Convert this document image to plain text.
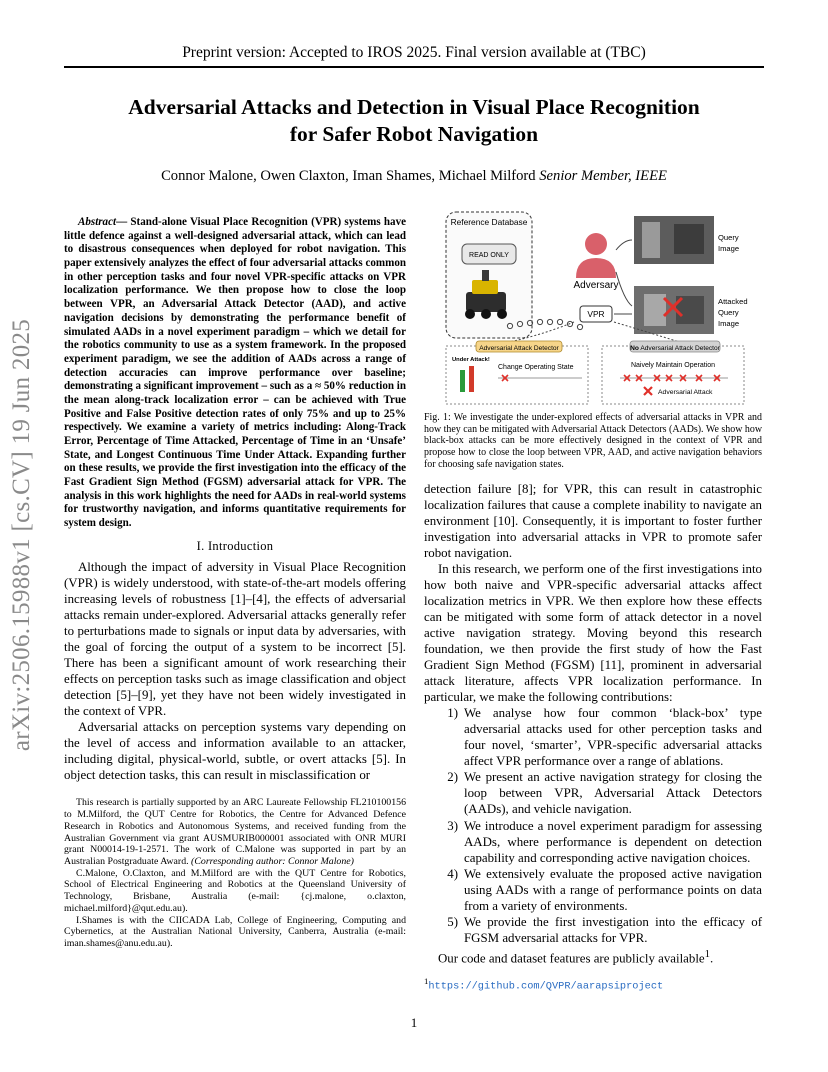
Preprint version: Accepted to IROS 2025. Final version available at (TBC)
Adversarial Attacks and Detection in Visual Place Recognition
for Safer Robot Navigation
Connor Malone, Owen Claxton, Iman Shames, Michael Milford Senior Member, IEEE
arXiv:2506.15988v1 [cs.CV] 19 Jun 2025

Abstract— Stand-alone Visual Place Recognition (VPR) systems have little defence against a well-designed adversarial attack, which can lead to disastrous consequences when deployed for robot navigation. This paper extensively analyzes the effect of four adversarial attacks common in other perception tasks and four novel VPR-specific attacks on VPR localization performance. We then propose how to close the loop between VPR, an Adversarial Attack Detector (AAD), and active navigation decisions by demonstrating the performance benefit of simulated AADs in a novel experiment paradigm – which we detail for the robotics community to use as a system framework. In the proposed experiment paradigm, we see the addition of AADs across a range of detection accuracies can improve performance over baseline; demonstrating a significant improvement – such as a ≈ 50% reduction in the mean along-track localization error – can be achieved with True Positive and False Positive detection rates of only 75% and up to 25% respectively. We examine a variety of metrics including: Along-Track Error, Percentage of Time Attacked, Percentage of Time in an ‘Unsafe’ State, and Longest Continuous Time Under Attack. Expanding further on these results, we provide the first investigation into the efficacy of the Fast Gradient Sign Method (FGSM) adversarial attack for VPR. The analysis in this work highlights the need for AADs in real-world systems for trustworthy navigation, and informs quantitative requirements for system design.

I. Introduction

Although the impact of adversity in Visual Place Recognition (VPR) is widely understood, with state-of-the-art models offering increasing levels of robustness [1]–[4], the effects of adversarial attacks remain under-explored. Adversarial attacks generally refer to perturbations made to signals or input data by adversaries, with the goal of forcing the output of a system to be incorrect [5]. There has been a significant amount of work researching their effects on perception tasks such as image classification and object detection [5]–[9], yet they have not been widely investigated in the context of VPR.

Adversarial attacks on perception systems vary depending on the level of access and information available to an attacker, including digital, physical-world, subtle, or overt attacks [5]. In object detection tasks, this can result in misclassification or

This research is partially supported by an ARC Laureate Fellowship FL210100156 to M.Milford, the QUT Centre for Robotics, the Centre for Advanced Defence Research in Robotics and Autonomous Systems, and received funding from the Australian Government via grant AUSMURIB000001 associated with ONR MURI grant N00014-19-1-2571. The work of C.Malone was supported in part by an Australian Postgraduate Award. (Corresponding author: Connor Malone)

C.Malone, O.Claxton, and M.Milford are with the QUT Centre for Robotics, School of Electrical Engineering and Robotics at the Queensland University of Technology, Brisbane, Australia (e-mail: {cj.malone, o.claxton, michael.milford}@qut.edu.au).

I.Shames is with the CIICADA Lab, College of Engineering, Computing and Cybernetics, at the Australian National University, Canberra, Australia (e-mail: iman.shames@anu.edu.au).

Reference Database
READ ONLY
Adversary
Query
Image
Attacked
Query
Image
VPR
Adversarial Attack Detector
Under Attack!
Change Operating State
No Adversarial Attack Detector
Naively Maintain Operation
Adversarial Attack

Fig. 1: We investigate the under-explored effects of adversarial attacks in VPR and how they can be mitigated with Adversarial Attack Detectors (AADs). We show how black-box attacks can be more effectively designed in the context of VPR and propose how to close the loop between VPR, AAD, and active navigation behaviors for choosing safe navigation states.

detection failure [8]; for VPR, this can result in catastrophic localization failures that cause a complete inability to navigate an environment [10]. Consequently, it is important to foster further investigation into adversarial attacks in VPR to promote safer robot navigation.

In this research, we perform one of the first investigations into how both naive and VPR-specific adversarial attacks affect localization metrics in VPR. We then explore how these effects can be mitigated with some form of attack detector in a novel active navigation strategy. Moving beyond this research foundation, we then provide the first study of how the Fast Gradient Sign Method (FGSM) [11], prominent in adversarial attack literature, affects VPR localization performance. In particular, we make the following contributions:

1) We analyse how four common ‘black-box’ type adversarial attacks used for other perception tasks and four novel, ‘smarter’, VPR-specific adversarial attacks affect VPR performance over a range of ablations.
2) We present an active navigation strategy for closing the loop between VPR, Adversarial Attack Detectors (AADs), and vehicle navigation.
3) We introduce a novel experiment paradigm for assessing AADs, where performance is dependent on detection capability and corresponding active navigation choices.
4) We extensively evaluate the proposed active navigation using AADs with a range of performance points on data from a variety of environments.
5) We provide the first investigation into the efficacy of FGSM adversarial attacks for VPR.

Our code and dataset features are publicly available$^1$.

$^1$https://github.com/QVPR/aarapsiproject
1
